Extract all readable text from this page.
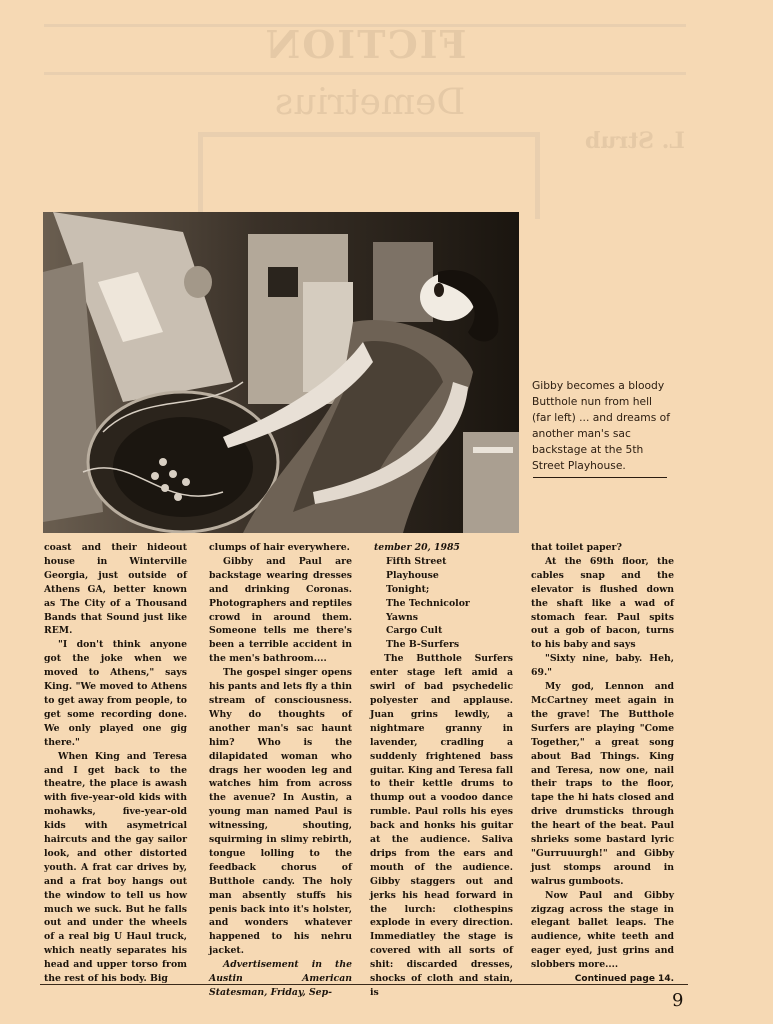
FICTION
Demetrius
L. Strub
Gibby becomes a bloody Butthole nun from hell (far left) ... and dreams of another man's sac backstage at the 5th Street Playhouse.

coast and their hideout house in Winterville Georgia, just outside of Athens GA, better known as The City of a Thousand Bands that Sound just like REM.

"I don't think anyone got the joke when we moved to Athens," says King. "We moved to Athens to get away from people, to get some recording done. We only played one gig there."

When King and Teresa and I get back to the theatre, the place is awash with five-year-old kids with mohawks, five-year-old kids with asymetrical haircuts and the gay sailor look, and other distorted youth. A frat car drives by, and a frat boy hangs out the window to tell us how much we suck. But he falls out and under the wheels of a real big U Haul truck, which neatly separates his head and upper torso from the rest of his body. Big

clumps of hair everywhere.

Gibby and Paul are backstage wearing dresses and drinking Coronas. Photographers and reptiles crowd in around them. Someone tells me there's been a terrible accident in the men's bathroom....

The gospel singer opens his pants and lets fly a thin stream of consciousness. Why do thoughts of another man's sac haunt him? Who is the dilapidated woman who drags her wooden leg and watches him from across the avenue? In Austin, a young man named Paul is witnessing, shouting, squirming in slimy rebirth, tongue lolling to the feedback chorus of Butthole candy. The holy man absently stuffs his penis back into it's holster, and wonders whatever happened to his nehru jacket.

Advertisement in the Austin American Statesman, Friday, Sep-

tember 20, 1985

Fifth Street
Playhouse
Tonight;
The Technicolor
Yawns
Cargo Cult
The B-Surfers

The Butthole Surfers enter stage left amid a swirl of bad psychedelic polyester and applause. Juan grins lewdly, a nightmare granny in lavender, cradling a suddenly frightened bass guitar. King and Teresa fall to their kettle drums to thump out a voodoo dance rumble. Paul rolls his eyes back and honks his guitar at the audience. Saliva drips from the ears and mouth of the audience. Gibby staggers out and jerks his head forward in the lurch: clothespins explode in every direction. Immediatley the stage is covered with all sorts of shit: discarded dresses, shocks of cloth and stain, is

that toilet paper?

At the 69th floor, the cables snap and the elevator is flushed down the shaft like a wad of stomach fear. Paul spits out a gob of bacon, turns to his baby and says

"Sixty nine, baby. Heh, 69."

My god, Lennon and McCartney meet again in the grave! The Butthole Surfers are playing "Come Together," a great song about Bad Things. King and Teresa, now one, nail their traps to the floor, tape the hi hats closed and drive drumsticks through the heart of the beat. Paul shrieks some bastard lyric "Gurruuurgh!" and Gibby just stomps around in walrus gumboots.

Now Paul and Gibby zigzag across the stage in elegant ballet leaps. The audience, white teeth and eager eyed, just grins and slobbers more....

Continued page 14.
9
